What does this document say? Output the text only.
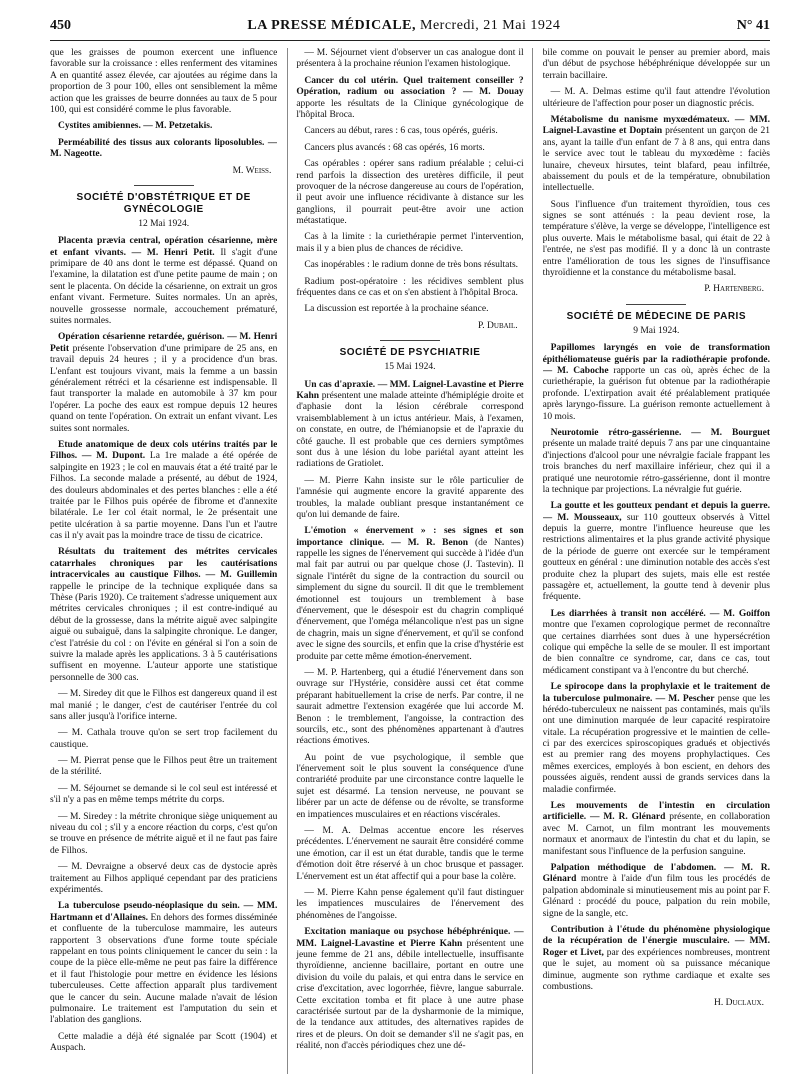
450	LA PRESSE MÉDICALE, Mercredi, 21 Mai 1924	N° 41

que les graisses de poumon exercent une influence favorable sur la croissance : elles renferment des vitamines A en quantité assez élevée, car ajoutées au régime dans la proportion de 3 pour 100, elles ont sensiblement la même action que les graisses de beurre données au taux de 5 pour 100, qui est considéré comme le plus favorable.

Cystites amibiennes. — M. Petzetakis.

Perméabilité des tissus aux colorants liposolubles. — M. Nageotte.

M. Weiss.
SOCIÉTÉ D'OBSTÉTRIQUE ET DE GYNÉCOLOGIE
12 Mai 1924.

Placenta prævia central, opération césarienne, mère et enfant vivants. — M. Henri Petit. Il s'agit d'une primipare de 40 ans dont le terme est dépassé. Quand on l'examine, la dilatation est d'une petite paume de main ; on sent le placenta. On décide la césarienne, on extrait un gros enfant vivant. Fermeture. Suites normales. Un an après, nouvelle grossesse normale, accouchement prématuré, suites normales.

Opération césarienne retardée, guérison. — M. Henri Petit présente l'observation d'une primipare de 25 ans, en travail depuis 24 heures ; il y a procidence d'un bras. L'enfant est toujours vivant, mais la femme a un bassin généralement rétréci et la césarienne est indispensable. Il faut transporter la malade en automobile à 37 km pour l'opérer. La poche des eaux est rompue depuis 12 heures quand on tente l'opération. On extrait un enfant vivant. Les suites sont normales.

Etude anatomique de deux cols utérins traités par le Filhos. — M. Dupont. La 1re malade a été opérée de salpingite en 1923 ; le col en mauvais état a été traité par le Filhos. La seconde malade a présenté, au début de 1924, des douleurs abdominales et des pertes blanches : elle a été traitée par le Filhos puis opérée de fibrome et d'annexite bilatérale. Le 1er col était normal, le 2e présentait une petite ulcération à sa partie moyenne. Dans l'un et l'autre cas il n'y avait pas la moindre trace de tissu de cicatrice.

Résultats du traitement des métrites cervicales catarrhales chroniques par les cautérisations intracervicales au caustique Filhos. — M. Guillemin rappelle le principe de la technique expliquée dans sa Thèse (Paris 1920). Ce traitement s'adresse uniquement aux métrites cervicales chroniques ; il est contre-indiqué au début de la grossesse, dans la métrite aiguë avec salpingite aiguë ou subaiguë, dans la salpingite chronique. Le danger, c'est l'atrésie du col : on l'évite en général si l'on a soin de suivre la malade après les applications. 3 à 5 cautérisations suffisent en moyenne. L'auteur apporte une statistique personnelle de 300 cas.

— M. Siredey dit que le Filhos est dangereux quand il est mal manié ; le danger, c'est de cautériser l'entrée du col sans aller jusqu'à l'orifice interne.

— M. Cathala trouve qu'on se sert trop facilement du caustique.

— M. Pierrat pense que le Filhos peut être un traitement de la stérilité.

— M. Séjournet se demande si le col seul est intéressé et s'il n'y a pas en même temps métrite du corps.

— M. Siredey : la métrite chronique siège uniquement au niveau du col ; s'il y a encore réaction du corps, c'est qu'on se trouve en présence de métrite aiguë et il ne faut pas faire de Filhos.

— M. Devraigne a observé deux cas de dystocie après traitement au Filhos appliqué cependant par des praticiens expérimentés.

La tuberculose pseudo-néoplasique du sein. — MM. Hartmann et d'Allaines. En dehors des formes disséminée et confluente de la tuberculose mammaire, les auteurs rapportent 3 observations d'une forme toute spéciale rappelant en tous points cliniquement le cancer du sein : la coupe de la pièce elle-même ne peut pas faire la différence et il faut l'histologie pour mettre en évidence les lésions tuberculeuses. Cette affection apparaît plus tardivement que le cancer du sein. Aucune malade n'avait de lésion pulmonaire. Le traitement est l'amputation du sein et l'ablation des ganglions.

Cette maladie a déjà été signalée par Scott (1904) et Auspach.

— M. Séjournet vient d'observer un cas analogue dont il présentera à la prochaine réunion l'examen histologique.

Cancer du col utérin. Quel traitement conseiller ? Opération, radium ou association ? — M. Douay apporte les résultats de la Clinique gynécologique de l'hôpital Broca.

Cancers au début, rares : 6 cas, tous opérés, guéris.

Cancers plus avancés : 68 cas opérés, 16 morts.

Cas opérables : opérer sans radium préalable ; celui-ci rend parfois la dissection des uretères difficile, il peut provoquer de la nécrose dangereuse au cours de l'opération, il peut avoir une influence récidivante à distance sur les ganglions, il pourrait peut-être avoir une action métastatique.

Cas à la limite : la curiethérapie permet l'intervention, mais il y a bien plus de chances de récidive.

Cas inopérables : le radium donne de très bons résultats.

Radium post-opératoire : les récidives semblent plus fréquentes dans ce cas et on s'en abstient à l'hôpital Broca.

La discussion est reportée à la prochaine séance.

P. Dubail.
SOCIÉTÉ DE PSYCHIATRIE
15 Mai 1924.

Un cas d'apraxie. — MM. Laignel-Lavastine et Pierre Kahn présentent une malade atteinte d'hémiplégie droite et d'aphasie dont la lésion cérébrale correspond vraisemblablement à un ictus antérieur. Mais, à l'examen, on constate, en outre, de l'hémianopsie et de l'apraxie du côté gauche. Il est probable que ces derniers symptômes sont dus à une lésion du lobe pariétal ayant atteint les radiations de Gratiolet.

— M. Pierre Kahn insiste sur le rôle particulier de l'amnésie qui augmente encore la gravité apparente des troubles, la malade oubliant presque instantanément ce qu'on lui demande de faire.

L'émotion « énervement » : ses signes et son importance clinique. — M. R. Benon (de Nantes) rappelle les signes de l'énervement qui succède à l'idée d'un mal fait par autrui ou par quelque chose (J. Tastevin). Il signale l'intérêt du signe de la contraction du sourcil ou simplement du signe du sourcil. Il dit que le tremblement émotionnel est toujours un tremblement à base d'énervement, que le désespoir est du chagrin compliqué d'énervement, que l'oméga mélancolique n'est pas un signe de chagrin, mais un signe d'énervement, et qu'il se confond avec le signe des sourcils, et enfin que la crise d'hystérie est produite par cette même émotion-énervement.

— M. P. Hartenberg, qui a étudié l'énervement dans son ouvrage sur l'Hystérie, considère aussi cet état comme préparant habituellement la crise de nerfs. Par contre, il ne saurait admettre l'extension exagérée que lui accorde M. Benon : le tremblement, l'angoisse, la contraction des sourcils, etc., sont des phénomènes appartenant à d'autres réactions émotives.

Au point de vue psychologique, il semble que l'énervement soit le plus souvent la conséquence d'une contrariété produite par une circonstance contre laquelle le sujet est désarmé. La tension nerveuse, ne pouvant se libérer par un acte de défense ou de révolte, se transforme en impatiences musculaires et en réactions viscérales.

— M. A. Delmas accentue encore les réserves précédentes. L'énervement ne saurait être considéré comme une émotion, car il est un état durable, tandis que le terme d'émotion doit être réservé à un choc brusque et passager. L'énervement est un état affectif qui a pour base la colère.

— M. Pierre Kahn pense également qu'il faut distinguer les impatiences musculaires de l'énervement des phénomènes de l'angoisse.

Excitation maniaque ou psychose hébéphrénique. — MM. Laignel-Lavastine et Pierre Kahn présentent une jeune femme de 21 ans, débile intellectuelle, insuffisante thyroïdienne, ancienne bacillaire, portant en outre une division du voile du palais, et qui entra dans le service en crise d'excitation, avec logorrhée, fièvre, langue saburrale. Cette excitation tomba et fit place à une autre phase caractérisée surtout par de la dysharmonie de la mimique, de la tendance aux attitudes, des alternatives rapides de rires et de pleurs. On doit se demander s'il ne s'agit pas, en réalité, non d'accès périodiques chez une dé-

bile comme on pouvait le penser au premier abord, mais d'un début de psychose hébéphrénique développée sur un terrain bacillaire.

— M. A. Delmas estime qu'il faut attendre l'évolution ultérieure de l'affection pour poser un diagnostic précis.

Métabolisme du nanisme myxœdémateux. — MM. Laignel-Lavastine et Doptain présentent un garçon de 21 ans, ayant la taille d'un enfant de 7 à 8 ans, qui entra dans le service avec tout le tableau du myxœdème : faciès lunaire, cheveux hirsutes, teint blafard, peau infiltrée, abaissement du pouls et de la température, obnubilation intellectuelle.

Sous l'influence d'un traitement thyroïdien, tous ces signes se sont atténués : la peau devient rose, la température s'élève, la verge se développe, l'intelligence est plus ouverte. Mais le métabolisme basal, qui était de 22 à l'entrée, ne s'est pas modifié. Il y a donc là un contraste entre l'amélioration de tous les signes de l'insuffisance thyroïdienne et la constance du métabolisme basal.

P. Hartenberg.
SOCIÉTÉ DE MÉDECINE DE PARIS
9 Mai 1924.

Papillomes laryngés en voie de transformation épithéliomateuse guéris par la radiothérapie profonde. — M. Caboche rapporte un cas où, après échec de la curiethérapie, la guérison fut obtenue par la radiothérapie profonde. L'extirpation avait été préalablement pratiquée après laryngo-fissure. La guérison remonte actuellement à 10 mois.

Neurotomie rétro-gassérienne. — M. Bourguet présente un malade traité depuis 7 ans par une cinquantaine d'injections d'alcool pour une névralgie faciale frappant les trois branches du nerf maxillaire inférieur, chez qui il a pratiqué une neurotomie rétro-gassérienne, dont il montre la technique par projections. La névralgie fut guérie.

La goutte et les goutteux pendant et depuis la guerre. — M. Mousseaux, sur 110 goutteux observés à Vittel depuis la guerre, montre l'influence heureuse que les restrictions alimentaires et la plus grande activité physique de la période de guerre ont exercée sur le tempérament goutteux en général : une diminution notable des accès s'est produite chez la plupart des sujets, mais elle est restée passagère et, actuellement, la goutte tend à devenir plus fréquente.

Les diarrhées à transit non accéléré. — M. Goiffon montre que l'examen coprologique permet de reconnaître que certaines diarrhées sont dues à une hypersécrétion colique qui empêche la selle de se mouler. Il est important de bien connaître ce syndrome, car, dans ce cas, tout médicament constipant va à l'encontre du but cherché.

Le spirocope dans la prophylaxie et le traitement de la tuberculose pulmonaire. — M. Pescher pense que les hérédo-tuberculeux ne naissent pas contaminés, mais qu'ils ont une diminution marquée de leur capacité respiratoire vitale. La récupération progressive et le maintien de celle-ci par des exercices spiroscopiques gradués et objectivés est au premier rang des moyens prophylactiques. Ces mêmes exercices, employés à bon escient, en dehors des poussées aiguës, rendent aussi de grands services dans la maladie confirmée.

Les mouvements de l'intestin en circulation artificielle. — M. R. Glénard présente, en collaboration avec M. Carnot, un film montrant les mouvements normaux et anormaux de l'intestin du chat et du lapin, se manifestant sous l'influence de la perfusion sanguine.

Palpation méthodique de l'abdomen. — M. R. Glénard montre à l'aide d'un film tous les procédés de palpation abdominale si minutieusement mis au point par F. Glénard : procédé du pouce, palpation du rein mobile, signe de la sangle, etc.

Contribution à l'étude du phénomène physiologique de la récupération de l'énergie musculaire. — MM. Roger et Livet, par des expériences nombreuses, montrent que le sujet, au moment où sa puissance mécanique diminue, augmente son rythme cardiaque et exalte ses combustions.

H. Duclaux.
